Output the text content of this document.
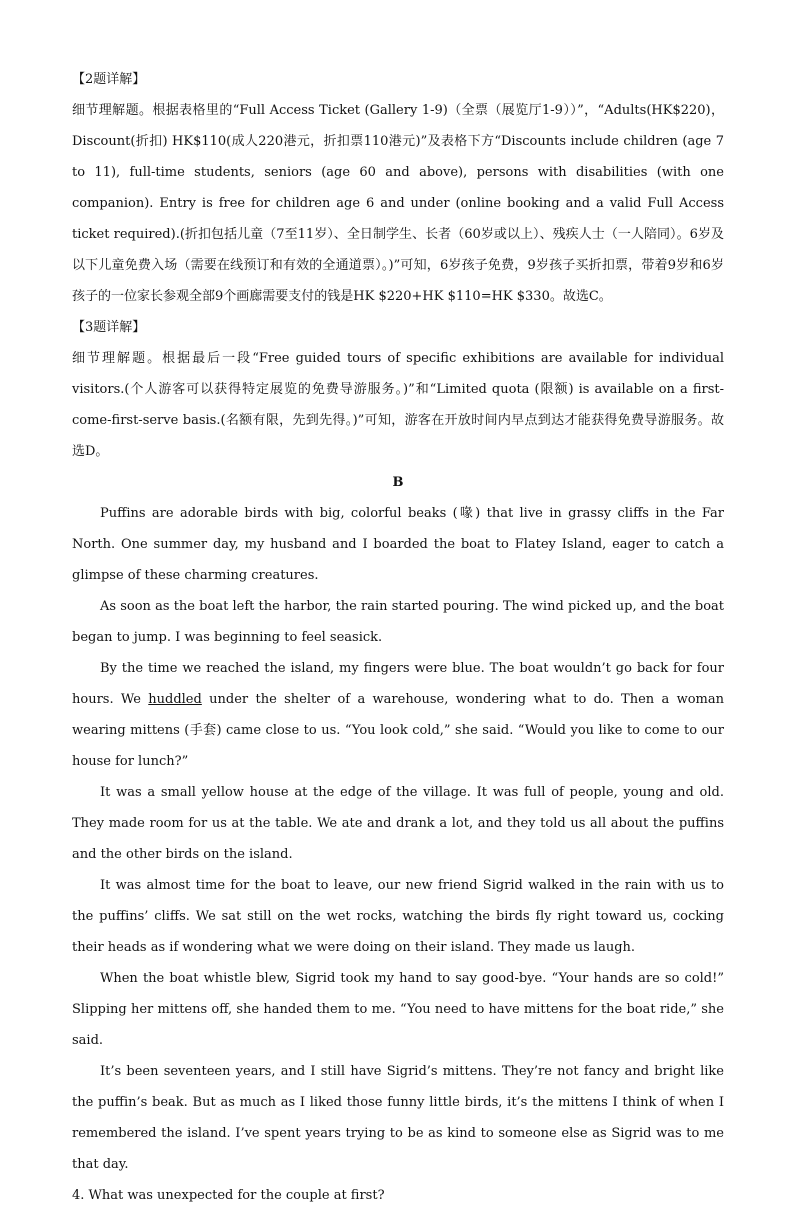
【2题详解】

细节理解题。根据表格里的“Full Access Ticket (Gallery 1-9)（全票（展览厅1-9））”，“Adults(HK$220)，Discount(折扣) HK$110(成人220港元，折扣票110港元)”及表格下方“Discounts include children (age 7 to 11), full-time students, seniors (age 60 and above), persons with disabilities (with one companion). Entry is free for children age 6 and under (online booking and a valid Full Access ticket required).(折扣包括儿童（7至11岁）、全日制学生、长者（60岁或以上）、残疾人士（一人陪同）。6岁及以下儿童免费入场（需要在线预订和有效的全通道票）。)”可知，6岁孩子免费，9岁孩子买折扣票，带着9岁和6岁孩子的一位家长参观全部9个画廊需要支付的钱是HK $220+HK $110=HK $330。故选C。

【3题详解】

细节理解题。根据最后一段“Free guided tours of specific exhibitions are available for individual visitors.(个人游客可以获得特定展览的免费导游服务。)”和“Limited quota (限额) is available on a first-come-first-serve basis.(名额有限，先到先得。)”可知，游客在开放时间内早点到达才能获得免费导游服务。故选D。

B

Puffins are adorable birds with big, colorful beaks (喙) that live in grassy cliffs in the Far North. One summer day, my husband and I boarded the boat to Flatey Island, eager to catch a glimpse of these charming creatures.

As soon as the boat left the harbor, the rain started pouring. The wind picked up, and the boat began to jump. I was beginning to feel seasick.

By the time we reached the island, my fingers were blue. The boat wouldn’t go back for four hours. We huddled under the shelter of a warehouse, wondering what to do. Then a woman wearing mittens (手套) came close to us. “You look cold,” she said. “Would you like to come to our house for lunch?”

It was a small yellow house at the edge of the village. It was full of people, young and old. They made room for us at the table. We ate and drank a lot, and they told us all about the puffins and the other birds on the island.

It was almost time for the boat to leave, our new friend Sigrid walked in the rain with us to the puffins’ cliffs. We sat still on the wet rocks, watching the birds fly right toward us, cocking their heads as if wondering what we were doing on their island. They made us laugh.

When the boat whistle blew, Sigrid took my hand to say good-bye. “Your hands are so cold!” Slipping her mittens off, she handed them to me. “You need to have mittens for the boat ride,” she said.

It’s been seventeen years, and I still have Sigrid’s mittens. They’re not fancy and bright like the puffin’s beak. But as much as I liked those funny little birds, it’s the mittens I think of when I remembered the island. I’ve spent years trying to be as kind to someone else as Sigrid was to me that day.

4. What was unexpected for the couple at first?
